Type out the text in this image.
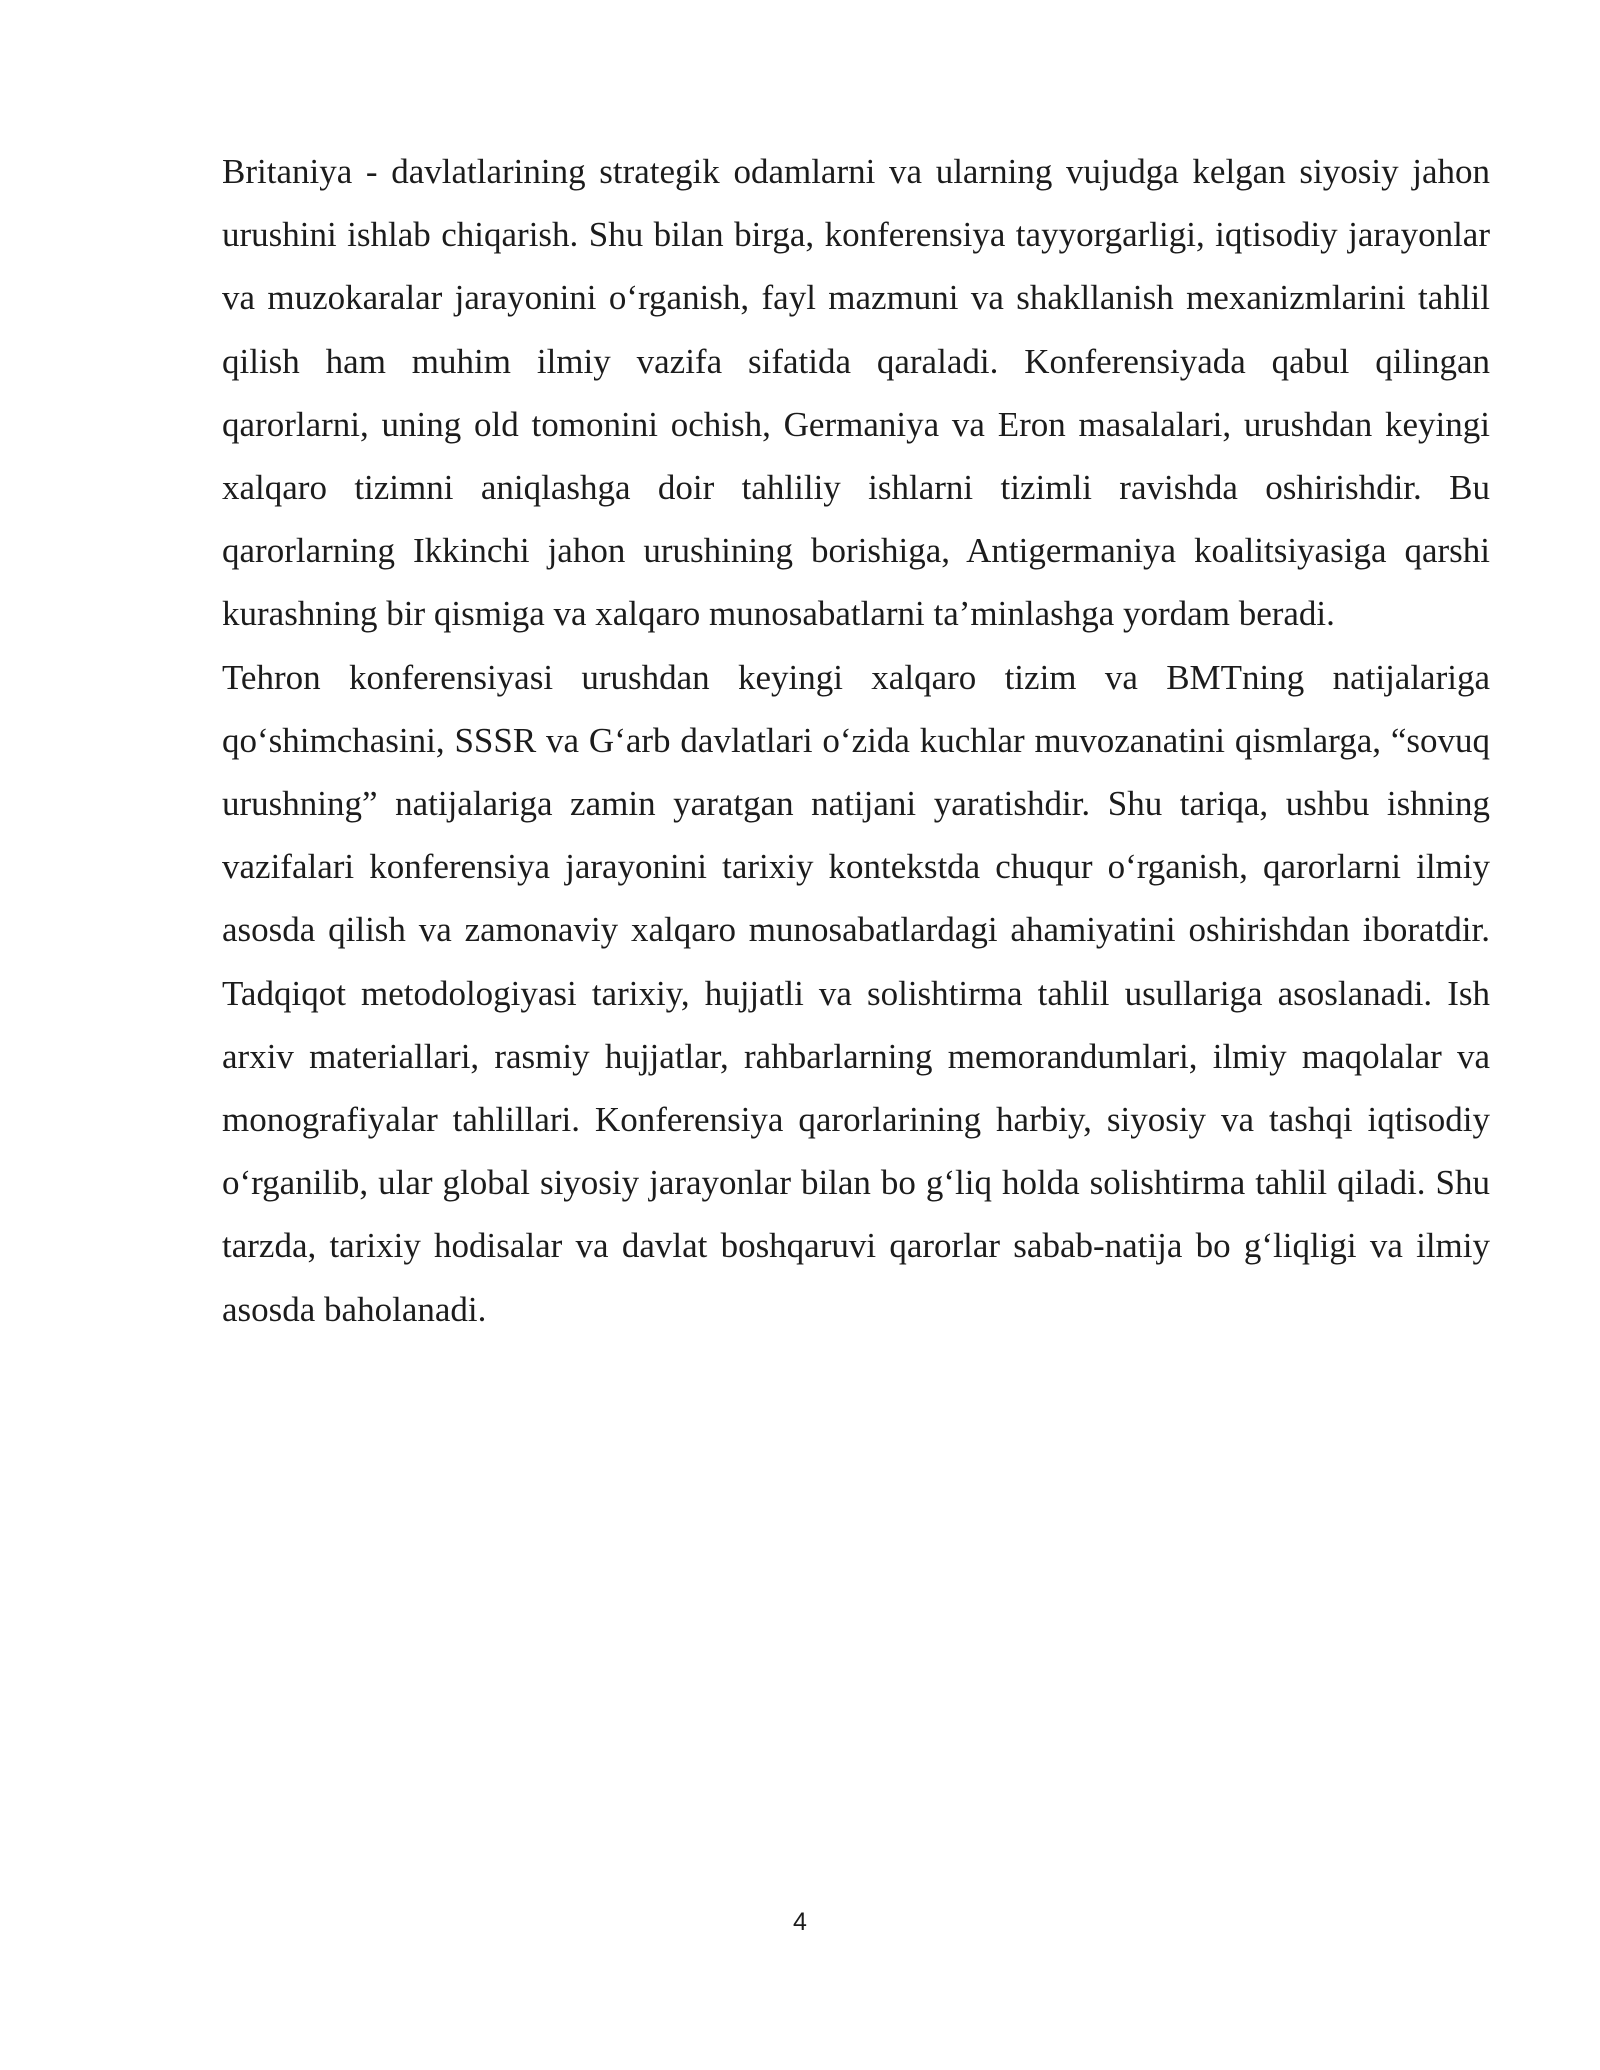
Britaniya - davlatlarining strategik odamlarni va ularning vujudga kelgan siyosiy jahon urushini ishlab chiqarish. Shu bilan birga, konferensiya tayyorgarligi, iqtisodiy jarayonlar va muzokaralar jarayonini o‘rganish, fayl mazmuni va shakllanish mexanizmlarini tahlil qilish ham muhim ilmiy vazifa sifatida qaraladi. Konferensiyada qabul qilingan qarorlarni, uning old tomonini ochish, Germaniya va Eron masalalari, urushdan keyingi xalqaro tizimni aniqlashga doir tahliliy ishlarni tizimli ravishda oshirishdir. Bu qarorlarning Ikkinchi jahon urushining borishiga, Antigermaniya koalitsiyasiga qarshi kurashning bir qismiga va xalqaro munosabatlarni ta’minlashga yordam beradi.

Tehron konferensiyasi urushdan keyingi xalqaro tizim va BMTning natijalariga qo‘shimchasini, SSSR va G‘arb davlatlari o‘zida kuchlar muvozanatini qismlarga, “sovuq urushning” natijalariga zamin yaratgan natijani yaratishdir. Shu tariqa, ushbu ishning vazifalari konferensiya jarayonini tarixiy kontekstda chuqur o‘rganish, qarorlarni ilmiy asosda qilish va zamonaviy xalqaro munosabatlardagi ahamiyatini oshirishdan iboratdir. Tadqiqot metodologiyasi tarixiy, hujjatli va solishtirma tahlil usullariga asoslanadi. Ish arxiv materiallari, rasmiy hujjatlar, rahbarlarning memorandumlari, ilmiy maqolalar va monografiyalar tahlillari. Konferensiya qarorlarining harbiy, siyosiy va tashqi iqtisodiy o‘rganilib, ular global siyosiy jarayonlar bilan bo g‘liq holda solishtirma tahlil qiladi. Shu tarzda, tarixiy hodisalar va davlat boshqaruvi qarorlar sabab-natija bo g‘liqligi va ilmiy asosda baholanadi.

4
